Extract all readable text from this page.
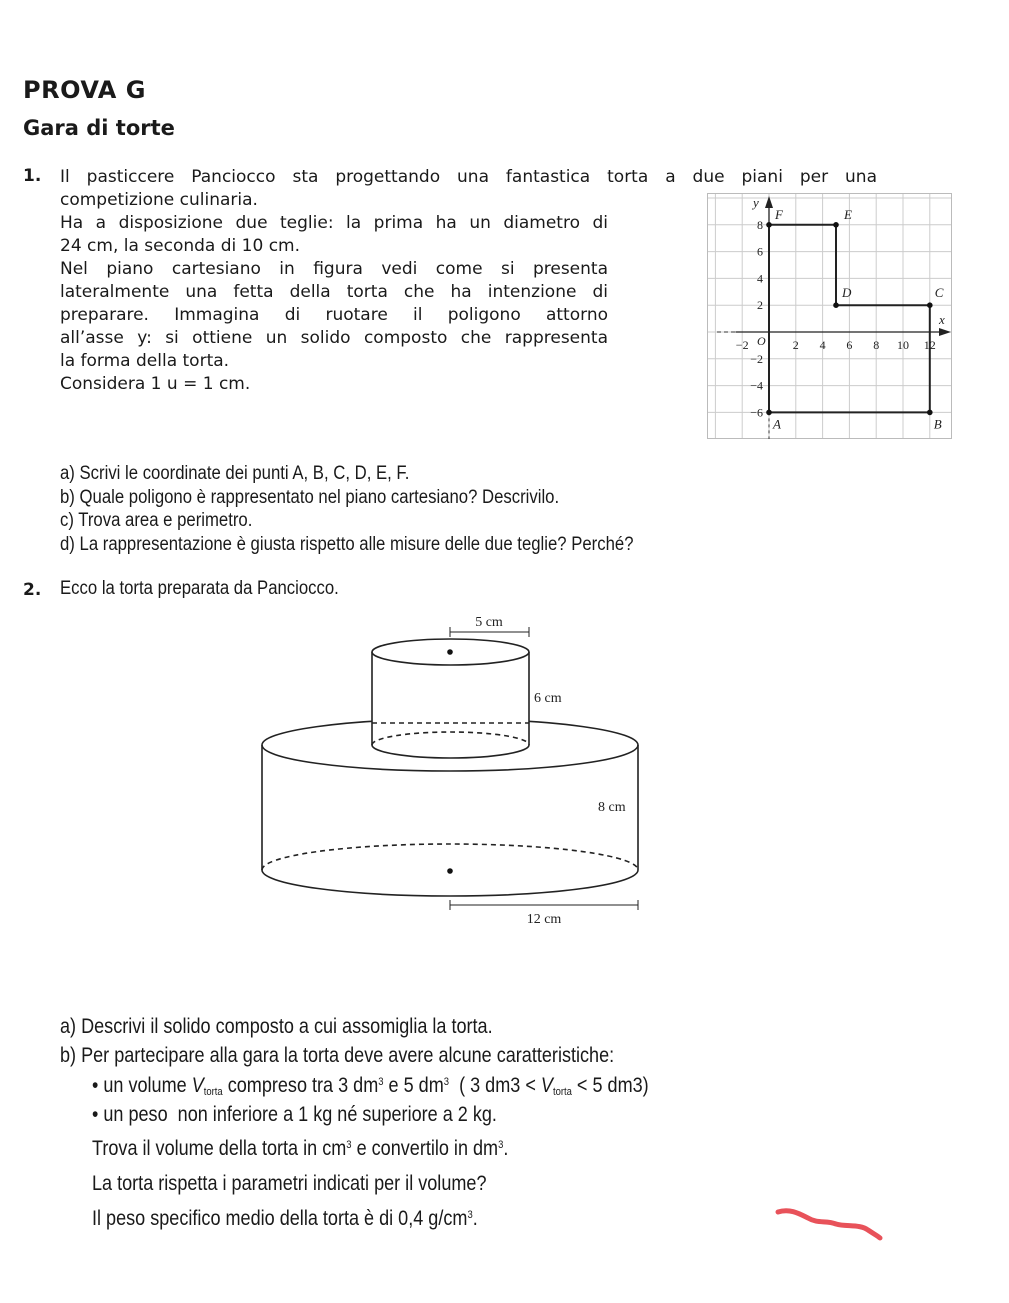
PROVA G
Gara di torte
1. Il pasticcere Panciocco sta progettando una fantastica torta a due piani per una
competizione culinaria.
Ha a disposizione due teglie: la prima ha un diametro di
24 cm, la seconda di 10 cm.
Nel piano cartesiano in figura vedi come si presenta
lateralmente una fetta della torta che ha intenzione di
preparare. Immagina di ruotare il poligono attorno
all’asse y: si ottiene un solido composto che rappresenta
la forma della torta.
Considera 1 u = 1 cm.
A	B
C
D
E
F
−2	2 4 6 8 10 12
8
6
4
2
−2
−4
−6
x
y
O
a) Scrivi le coordinate dei punti A, B, C, D, E, F.
b) Quale poligono è rappresentato nel piano cartesiano? Descrivilo.
c) Trova area e perimetro.
d) La rappresentazione è giusta rispetto alle misure delle due teglie? Perché?
2. Ecco la torta preparata da Panciocco.
5 cm
6 cm
8 cm
12 cm
a) Descrivi il solido composto a cui assomiglia la torta.
b) Per partecipare alla gara la torta deve avere alcune caratteristiche:
• un volume $V_{torta}$ compreso tra 3 $dm^3$ e 5 $dm^3$  ( 3 $dm3 < V_{torta} < 5$ dm3)
• un peso  non inferiore a 1 kg né superiore a 2 kg.
Trova il volume della torta in $cm^3$ e convertilo in $dm^3$.
La torta rispetta i parametri indicati per il volume?
Il peso specifico medio della torta è di 0,4 $g/cm^3$.
